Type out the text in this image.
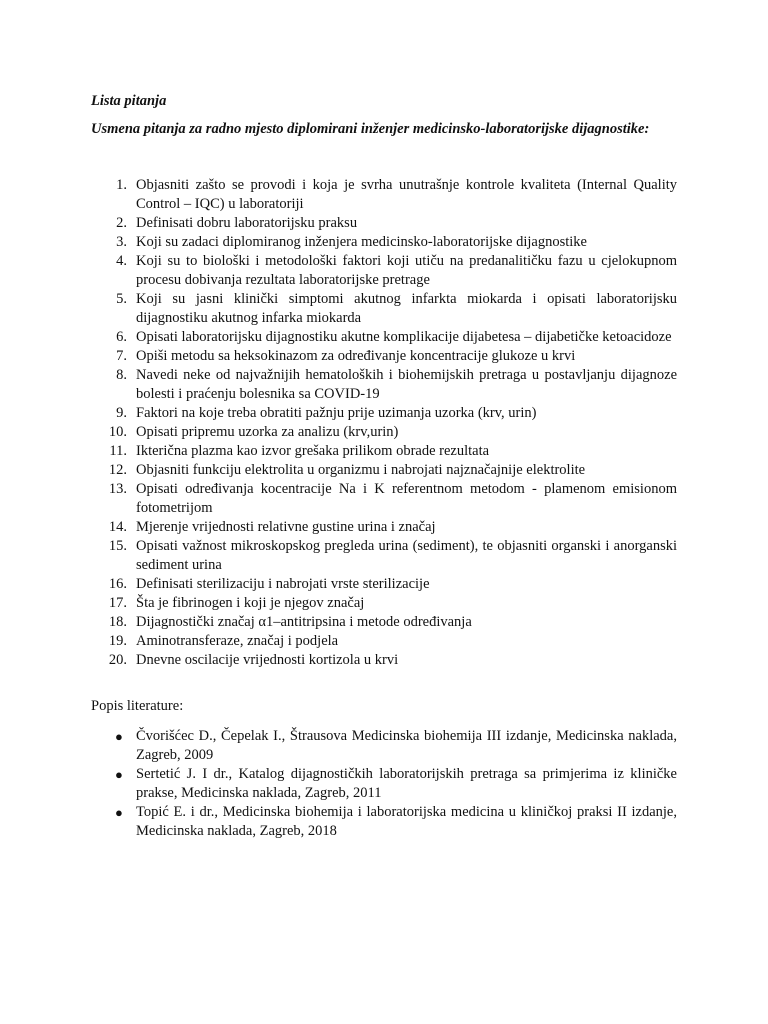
Lista pitanja

Usmena pitanja za radno mjesto diplomirani inženjer medicinsko-laboratorijske dijagnostike:

1. Objasniti zašto se provodi i koja je svrha unutrašnje kontrole kvaliteta (Internal Quality Control – IQC) u laboratoriji
2. Definisati dobru laboratorijsku praksu
3. Koji su zadaci diplomiranog inženjera medicinsko-laboratorijske dijagnostike
4. Koji su to biološki i metodološki faktori koji utiču na predanalitičku fazu u cjelokupnom procesu dobivanja rezultata laboratorijske pretrage
5. Koji su jasni klinički simptomi akutnog infarkta miokarda i opisati laboratorijsku dijagnostiku akutnog infarka miokarda
6. Opisati laboratorijsku dijagnostiku akutne komplikacije dijabetesa – dijabetičke ketoacidoze
7. Opiši metodu sa heksokinazom za određivanje koncentracije glukoze u krvi
8. Navedi neke od najvažnijih hematoloških i biohemijskih pretraga u postavljanju dijagnoze bolesti i praćenju bolesnika sa COVID-19
9. Faktori na koje treba obratiti pažnju prije uzimanja uzorka (krv, urin)
10. Opisati pripremu uzorka za analizu (krv,urin)
11. Ikterična plazma kao izvor grešaka prilikom obrade rezultata
12. Objasniti funkciju elektrolita u organizmu i nabrojati najznačajnije elektrolite
13. Opisati određivanja kocentracije Na i K referentnom metodom - plamenom emisionom fotometrijom
14. Mjerenje vrijednosti relativne gustine urina i značaj
15. Opisati važnost mikroskopskog pregleda urina (sediment), te objasniti organski i anorganski sediment urina
16. Definisati sterilizaciju i nabrojati vrste sterilizacije
17. Šta je fibrinogen i koji je njegov značaj
18. Dijagnostički značaj α1–antitripsina i metode određivanja
19. Aminotransferaze, značaj i podjela
20. Dnevne oscilacije vrijednosti kortizola u krvi

Popis literature:

● Čvorišćec D., Čepelak I., Štrausova Medicinska biohemija III izdanje, Medicinska naklada, Zagreb, 2009
● Sertetić J. I dr., Katalog dijagnostičkih laboratorijskih pretraga sa primjerima iz kliničke prakse, Medicinska naklada, Zagreb, 2011
● Topić E. i dr., Medicinska biohemija i laboratorijska medicina u kliničkoj praksi II izdanje, Medicinska naklada, Zagreb, 2018
